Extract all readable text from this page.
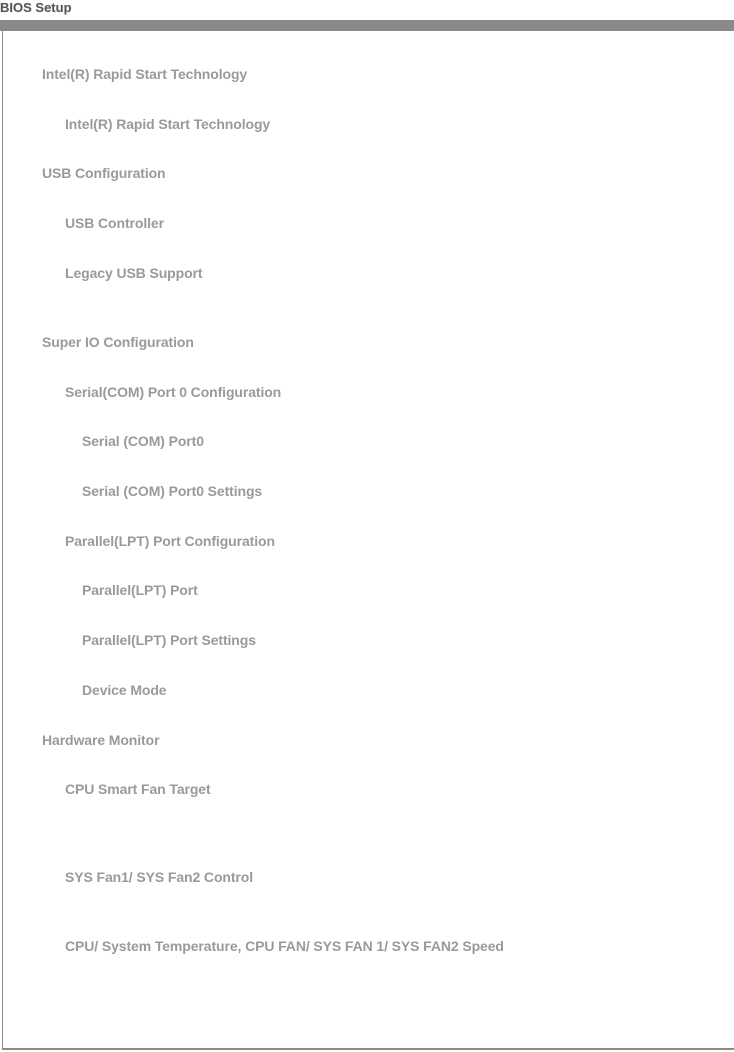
BIOS Setup
Intel(R) Rapid Start Technology
Intel(R) Rapid Start Technology
USB Configuration
USB Controller
Legacy USB Support
Super IO Configuration
Serial(COM) Port 0 Configuration
Serial (COM) Port0
Serial (COM) Port0 Settings
Parallel(LPT) Port Configuration
Parallel(LPT) Port
Parallel(LPT) Port Settings
Device Mode
Hardware Monitor
CPU Smart Fan Target
SYS Fan1/ SYS Fan2 Control
CPU/ System Temperature, CPU FAN/ SYS FAN 1/ SYS FAN2 Speed
